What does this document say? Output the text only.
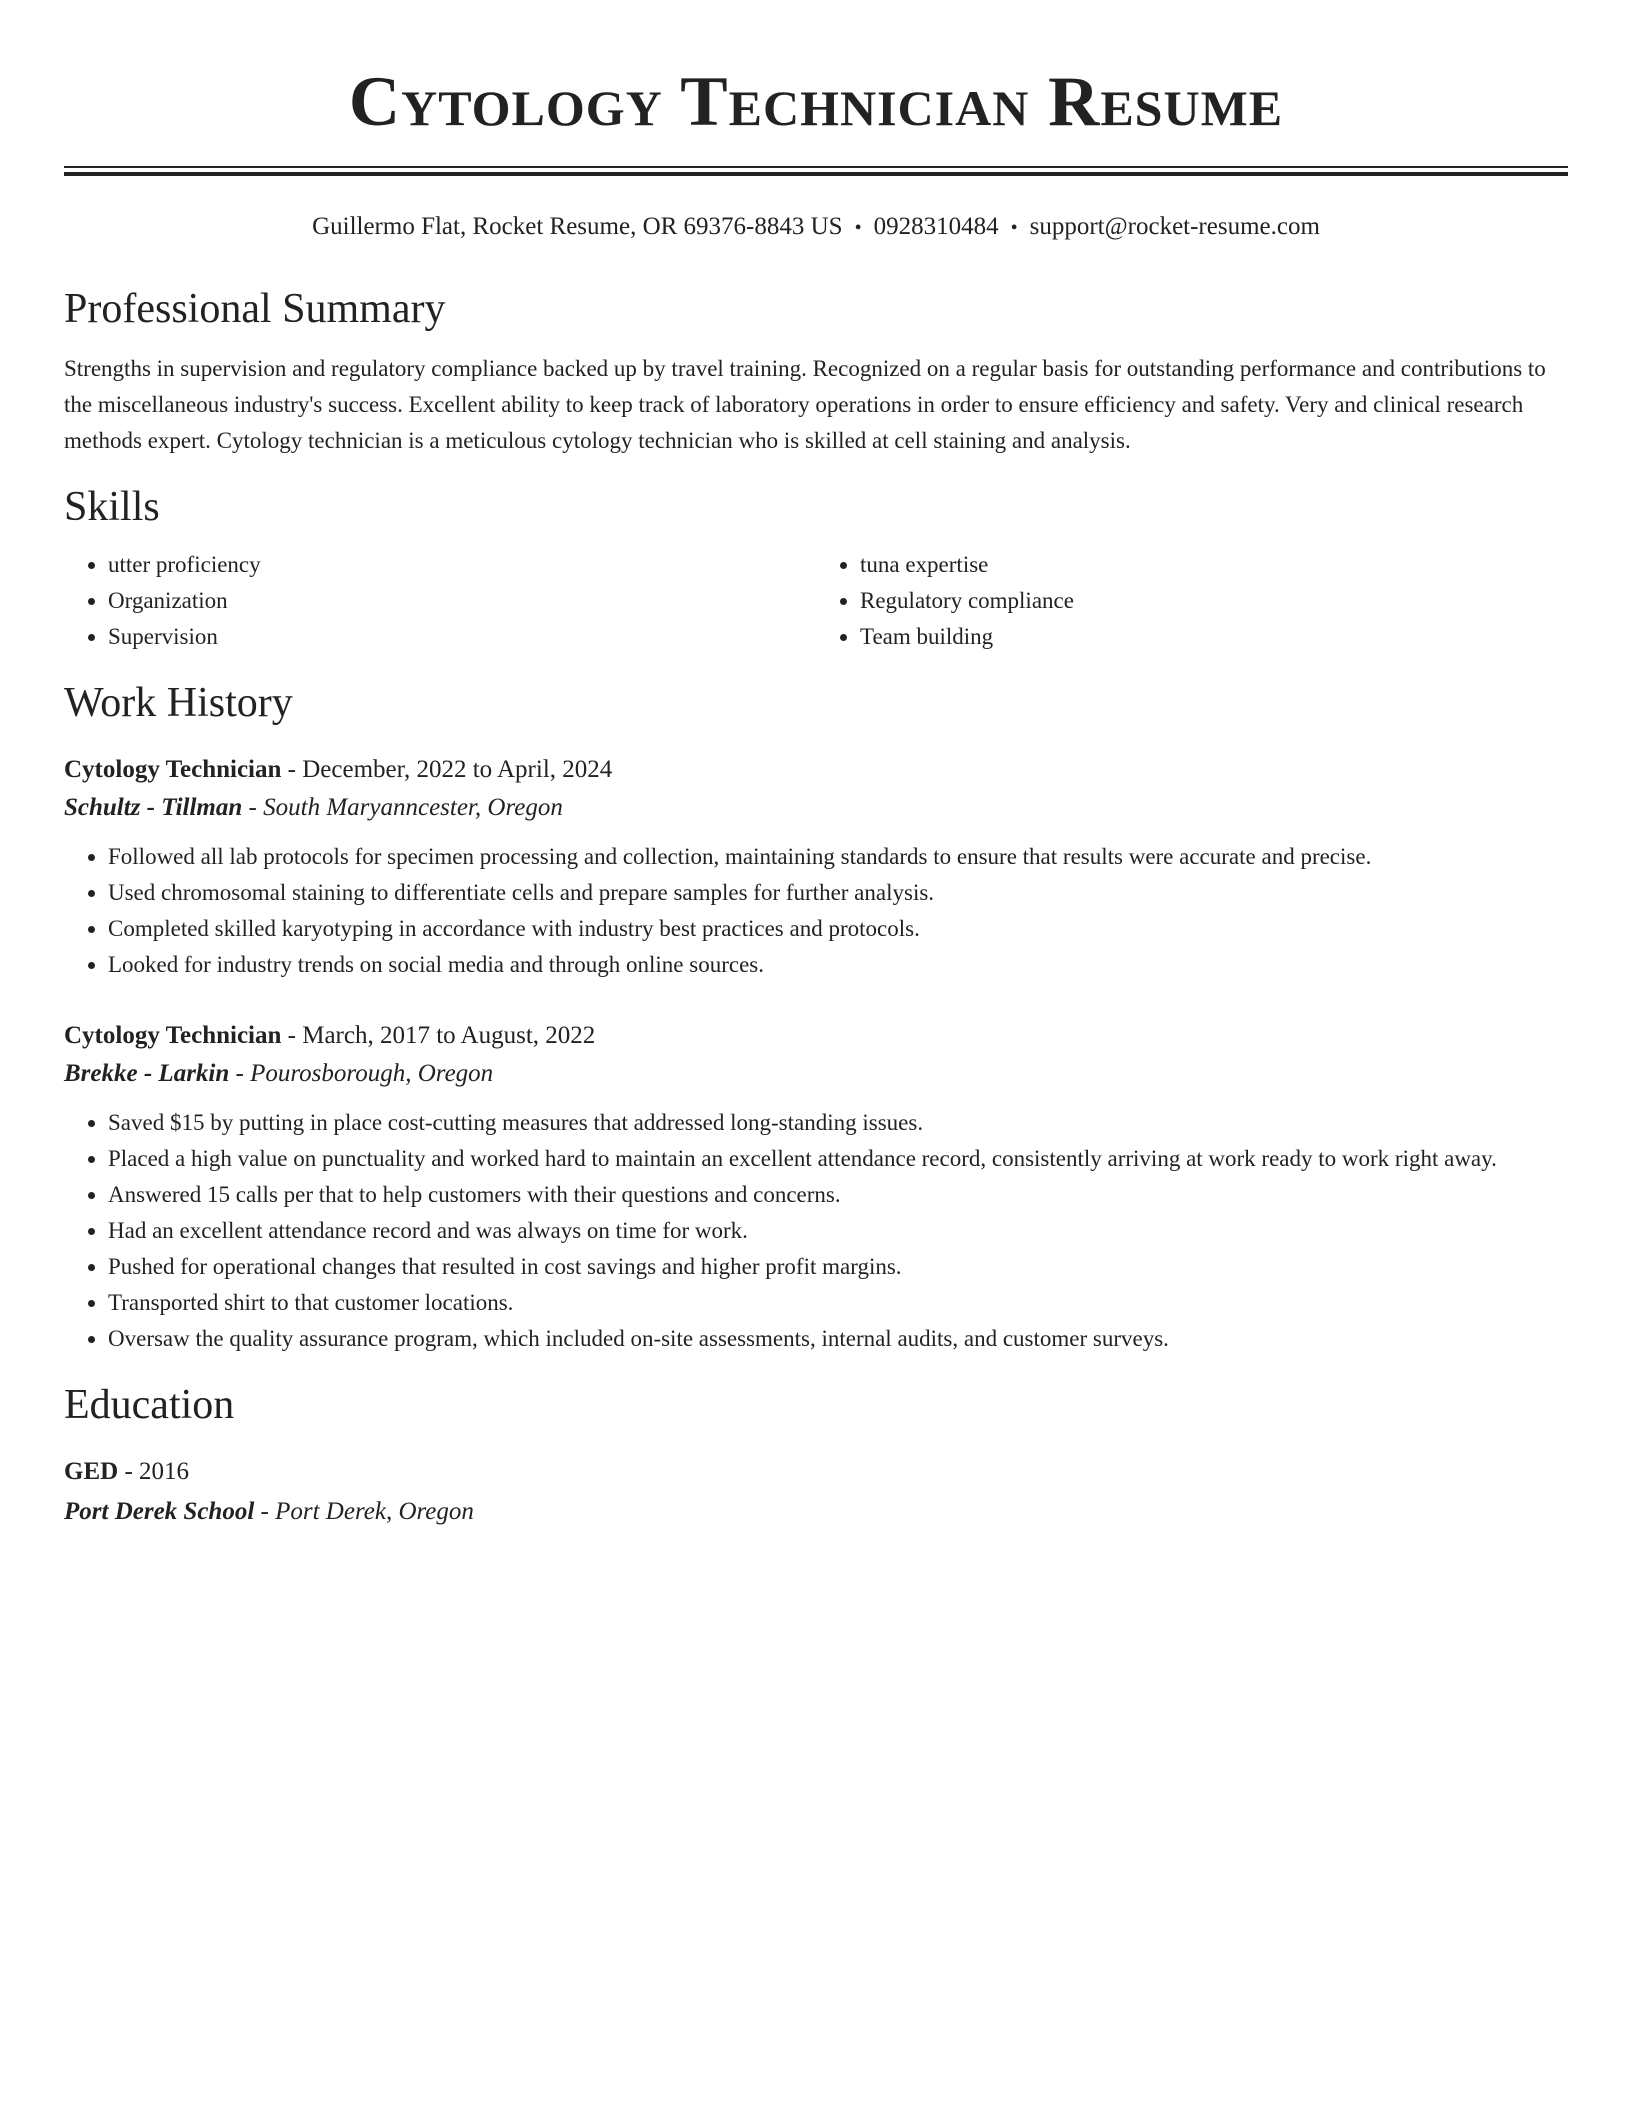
Cytology Technician Resume
Guillermo Flat, Rocket Resume, OR 69376-8843 US • 0928310484 • support@rocket-resume.com
Professional Summary
Strengths in supervision and regulatory compliance backed up by travel training. Recognized on a regular basis for outstanding performance and contributions to the miscellaneous industry's success. Excellent ability to keep track of laboratory operations in order to ensure efficiency and safety. Very and clinical research methods expert. Cytology technician is a meticulous cytology technician who is skilled at cell staining and analysis.
Skills
• utter proficiency
• Organization
• Supervision
• tuna expertise
• Regulatory compliance
• Team building
Work History
Cytology Technician - December, 2022 to April, 2024
Schultz - Tillman - South Maryanncester, Oregon
• Followed all lab protocols for specimen processing and collection, maintaining standards to ensure that results were accurate and precise.
• Used chromosomal staining to differentiate cells and prepare samples for further analysis.
• Completed skilled karyotyping in accordance with industry best practices and protocols.
• Looked for industry trends on social media and through online sources.
Cytology Technician - March, 2017 to August, 2022
Brekke - Larkin - Pourosborough, Oregon
• Saved $15 by putting in place cost-cutting measures that addressed long-standing issues.
• Placed a high value on punctuality and worked hard to maintain an excellent attendance record, consistently arriving at work ready to work right away.
• Answered 15 calls per that to help customers with their questions and concerns.
• Had an excellent attendance record and was always on time for work.
• Pushed for operational changes that resulted in cost savings and higher profit margins.
• Transported shirt to that customer locations.
• Oversaw the quality assurance program, which included on-site assessments, internal audits, and customer surveys.
Education
GED - 2016
Port Derek School - Port Derek, Oregon
